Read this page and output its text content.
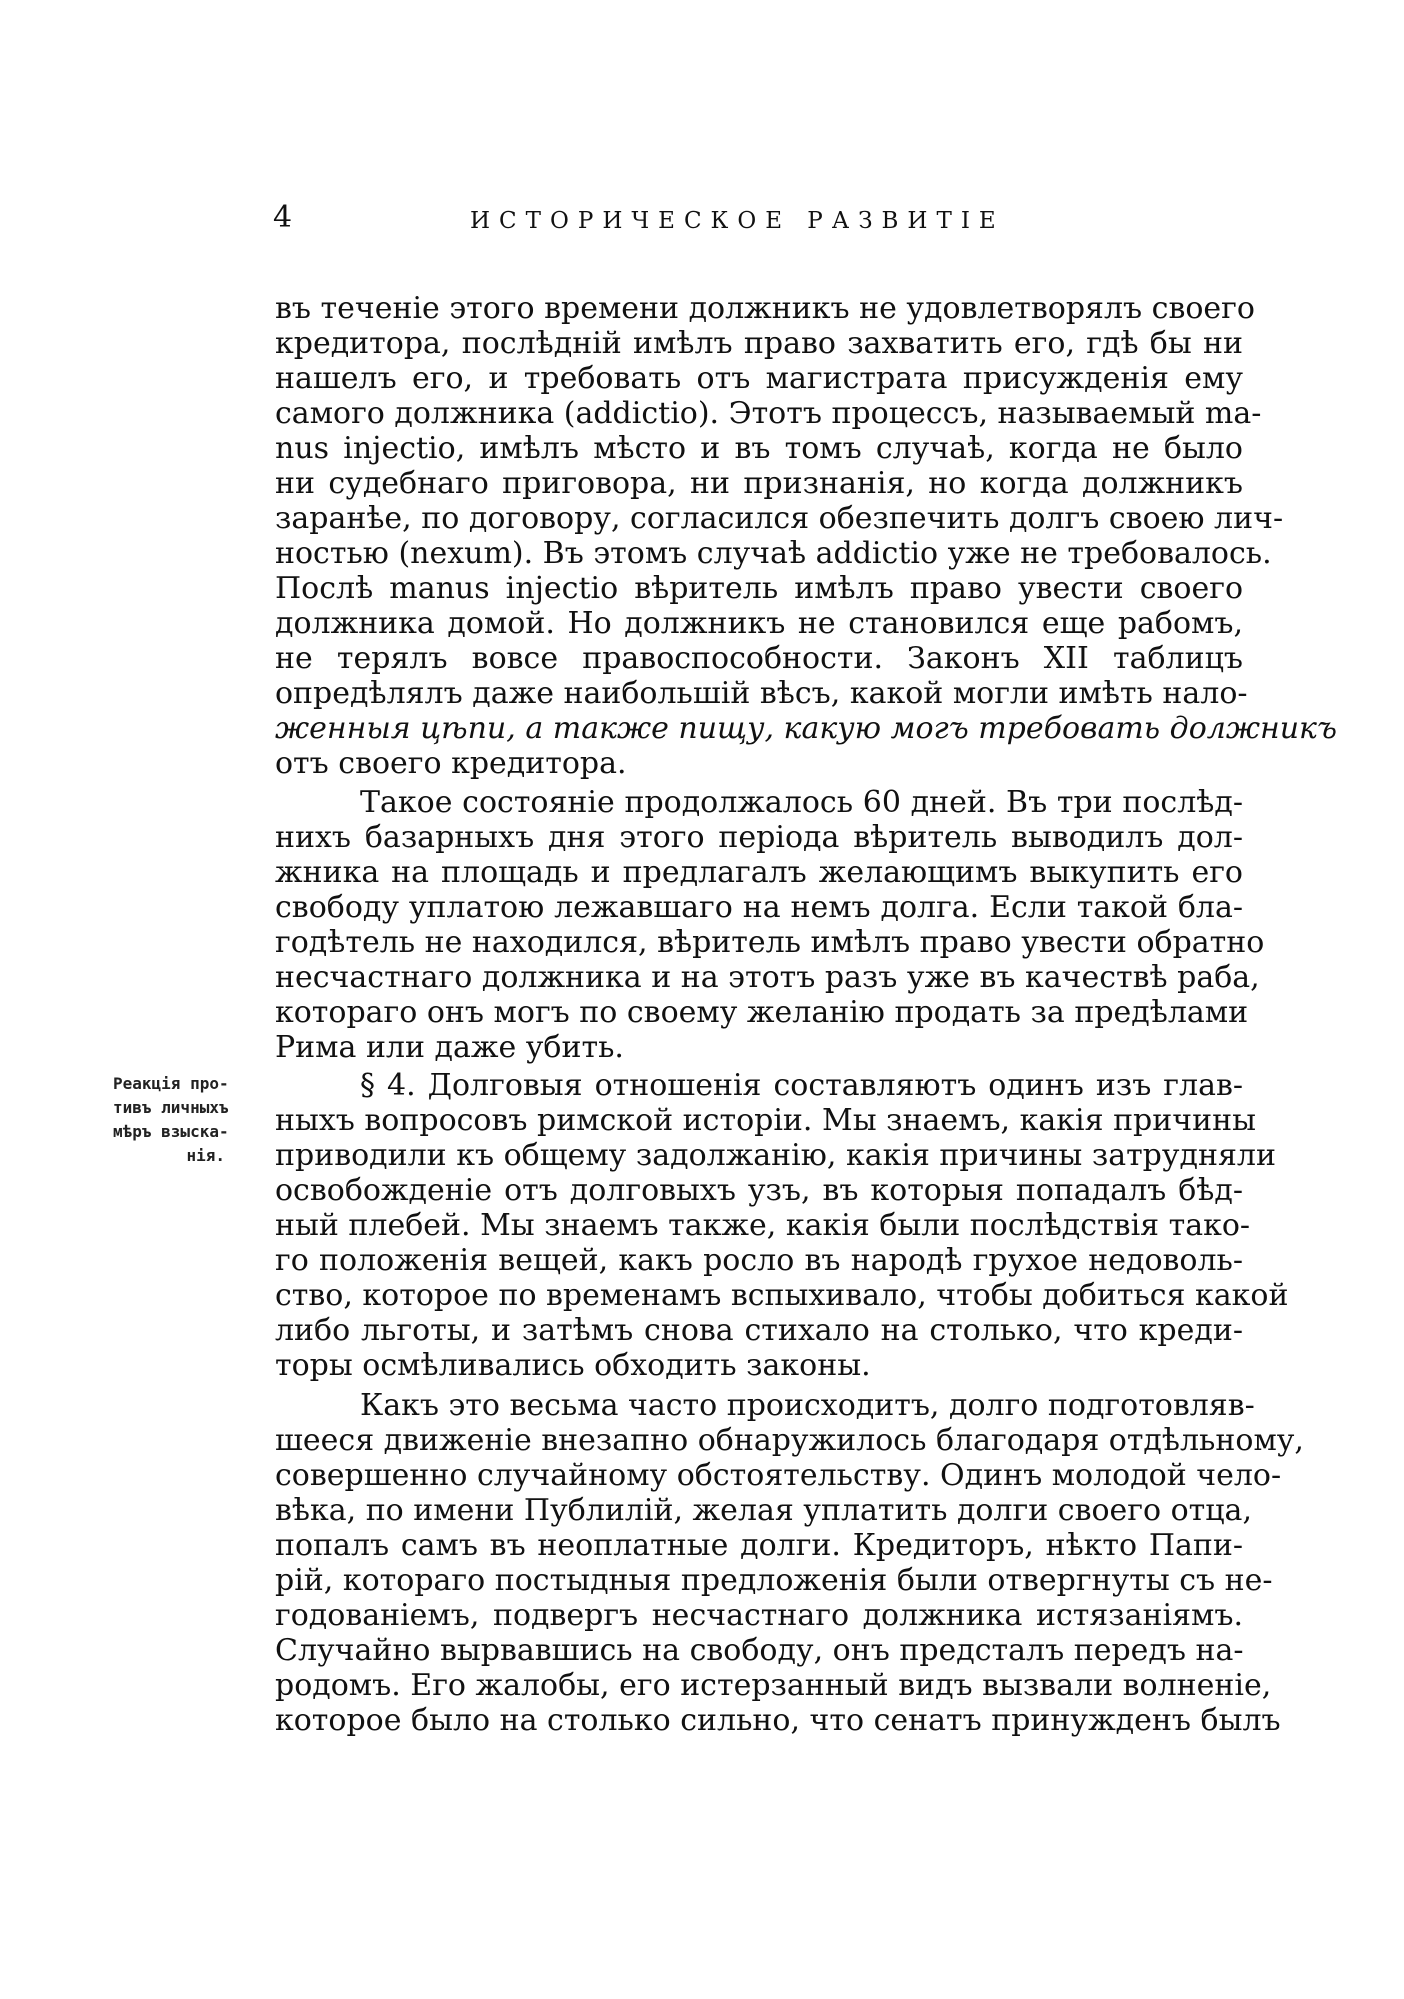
4	ИСТОРИЧЕСКОЕ РАЗВИТІЕ
въ теченіе этого времени должникъ не удовлетворялъ своего
кредитора, послѣдній имѣлъ право захватить его, гдѣ бы ни
нашелъ его, и требовать отъ магистрата присужденія ему
самого должника (addictio). Этотъ процессъ, называемый ma-
nus injectio, имѣлъ мѣсто и въ томъ случаѣ, когда не было
ни судебнаго приговора, ни признанія, но когда должникъ
заранѣе, по договору, согласился обезпечить долгъ своею лич-
ностью (nexum). Въ этомъ случаѣ addictio уже не требовалось.
Послѣ manus injectio вѣритель имѣлъ право увести своего
должника домой. Но должникъ не становился еще рабомъ,
не терялъ вовсе правоспособности. Законъ XII таблицъ
опредѣлялъ даже наибольшій вѣсъ, какой могли имѣть нало-
женныя цѣпи, а также пищу, какую могъ требовать должникъ
отъ своего кредитора.
Такое состояніе продолжалось 60 дней. Въ три послѣд-
нихъ базарныхъ дня этого періода вѣритель выводилъ дол-
жника на площадь и предлагалъ желающимъ выкупить его
свободу уплатою лежавшаго на немъ долга. Если такой бла-
годѣтель не находился, вѣритель имѣлъ право увести обратно
несчастнаго должника и на этотъ разъ уже въ качествѣ раба,
котораго онъ могъ по своему желанію продать за предѣлами
Рима или даже убить.
Реакція про-
тивъ личныхъ
мѣръ взыска-
нія.
§ 4. Долговыя отношенія составляютъ одинъ изъ глав-
ныхъ вопросовъ римской исторіи. Мы знаемъ, какія причины
приводили къ общему задолжанію, какія причины затрудняли
освобожденіе отъ долговыхъ узъ, въ которыя попадалъ бѣд-
ный плебей. Мы знаемъ также, какія были послѣдствія тако-
го положенія вещей, какъ росло въ народѣ грухое недоволь-
ство, которое по временамъ вспыхивало, чтобы добиться какой
либо льготы, и затѣмъ снова стихало на столько, что креди-
торы осмѣливались обходить законы.
Какъ это весьма часто происходитъ, долго подготовляв-
шееся движеніе внезапно обнаружилось благодаря отдѣльному,
совершенно случайному обстоятельству. Одинъ молодой чело-
вѣка, по имени Публилій, желая уплатить долги своего отца,
попалъ самъ въ неоплатные долги. Кредиторъ, нѣкто Папи-
рій, котораго постыдныя предложенія были отвергнуты съ не-
годованіемъ, подвергъ несчастнаго должника истязаніямъ.
Случайно вырвавшись на свободу, онъ предсталъ передъ на-
родомъ. Его жалобы, его истерзанный видъ вызвали волненіе,
которое было на столько сильно, что сенатъ принужденъ былъ
